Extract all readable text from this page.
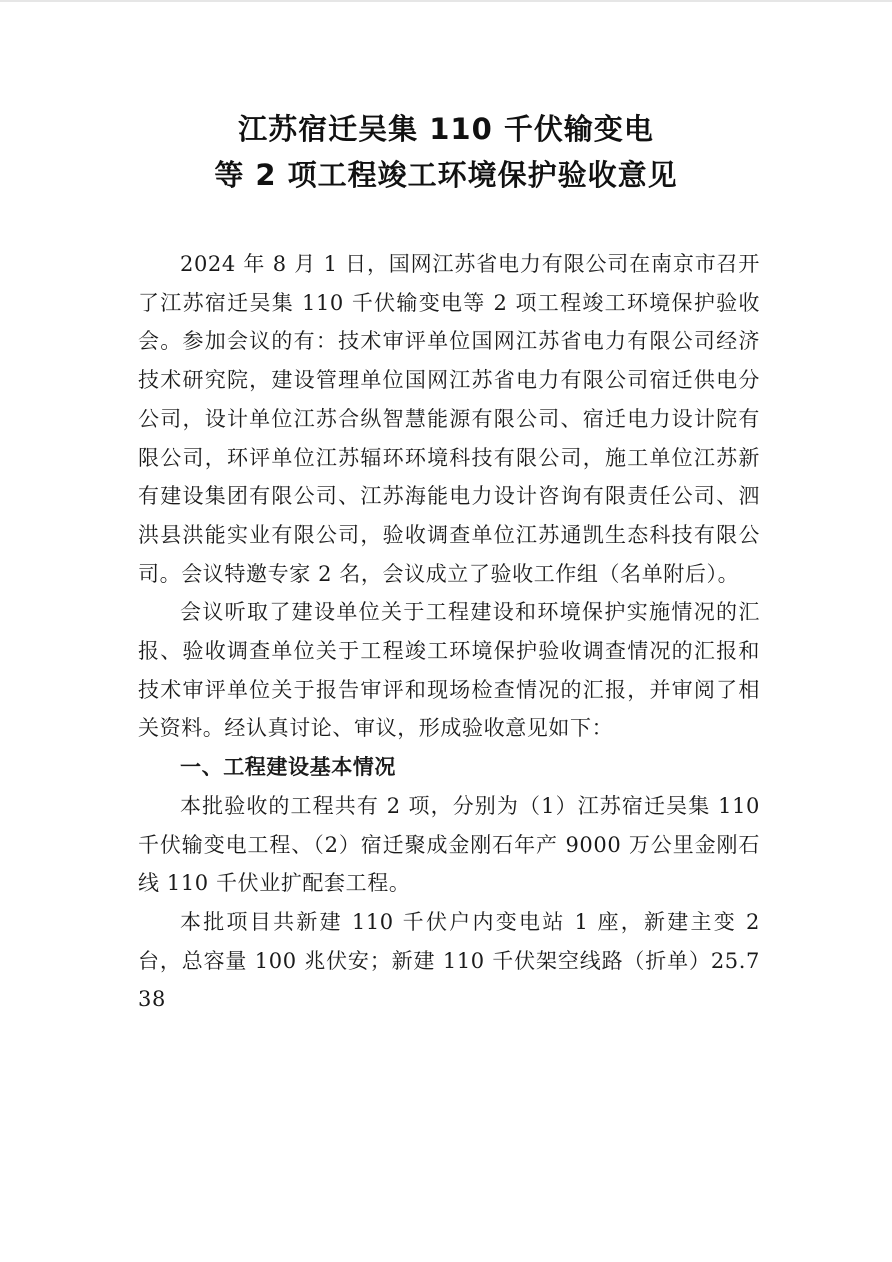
江苏宿迁吴集 110 千伏输变电
等 2 项工程竣工环境保护验收意见

2024 年 8 月 1 日，国网江苏省电力有限公司在南京市召开了江苏宿迁吴集 110 千伏输变电等 2 项工程竣工环境保护验收会。参加会议的有：技术审评单位国网江苏省电力有限公司经济技术研究院，建设管理单位国网江苏省电力有限公司宿迁供电分公司，设计单位江苏合纵智慧能源有限公司、宿迁电力设计院有限公司，环评单位江苏辐环环境科技有限公司，施工单位江苏新有建设集团有限公司、江苏海能电力设计咨询有限责任公司、泗洪县洪能实业有限公司，验收调查单位江苏通凯生态科技有限公司。会议特邀专家 2 名，会议成立了验收工作组（名单附后）。

会议听取了建设单位关于工程建设和环境保护实施情况的汇报、验收调查单位关于工程竣工环境保护验收调查情况的汇报和技术审评单位关于报告审评和现场检查情况的汇报，并审阅了相关资料。经认真讨论、审议，形成验收意见如下：

一、工程建设基本情况

本批验收的工程共有 2 项，分别为（1）江苏宿迁吴集 110 千伏输变电工程、（2）宿迁聚成金刚石年产 9000 万公里金刚石线 110 千伏业扩配套工程。

本批项目共新建 110 千伏户内变电站 1 座，新建主变 2 台，总容量 100 兆伏安；新建 110 千伏架空线路（折单）25.738
